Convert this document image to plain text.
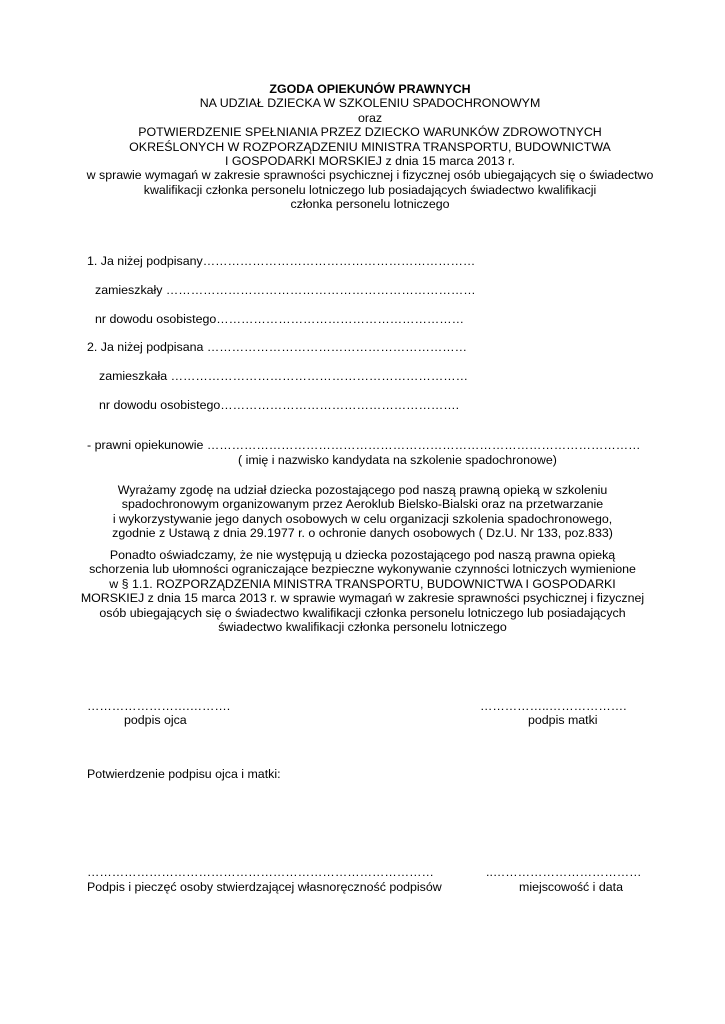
ZGODA OPIEKUNÓW PRAWNYCH
NA UDZIAŁ DZIECKA W SZKOLENIU SPADOCHRONOWYM
oraz
POTWIERDZENIE SPEŁNIANIA PRZEZ DZIECKO WARUNKÓW ZDROWOTNYCH
OKREŚLONYCH W ROZPORZĄDZENIU MINISTRA TRANSPORTU, BUDOWNICTWA
I GOSPODARKI MORSKIEJ z dnia 15 marca 2013 r.
w sprawie wymagań w zakresie sprawności psychicznej i fizycznej osób ubiegających się o świadectwo
kwalifikacji członka personelu lotniczego lub posiadających świadectwo kwalifikacji
członka personelu lotniczego
1. Ja niżej podpisany…………………………………………………………
zamieszkały …………………………………………………………………
nr dowodu osobistego……………………………………………………
2. Ja niżej podpisana ………………………………………………………
zamieszkała ………………………………………………………………
nr dowodu osobistego………………………………………………….
- prawni opiekunowie ……………………………………………………………………………………………
( imię i nazwisko kandydata na szkolenie spadochronowe)
Wyrażamy zgodę na udział dziecka pozostającego pod naszą prawną opieką w szkoleniu
spadochronowym organizowanym przez Aeroklub Bielsko-Bialski oraz na przetwarzanie
i wykorzystywanie jego danych osobowych w celu organizacji szkolenia spadochronowego,
zgodnie z Ustawą z dnia 29.1977 r. o ochronie danych osobowych ( Dz.U. Nr 133, poz.833)
Ponadto oświadczamy, że nie występują u dziecka pozostającego pod naszą prawna opieką
schorzenia lub ułomności ograniczające bezpieczne wykonywanie czynności lotniczych wymienione
w § 1.1. ROZPORZĄDZENIA MINISTRA TRANSPORTU, BUDOWNICTWA I GOSPODARKI
MORSKIEJ z dnia 15 marca 2013 r. w sprawie wymagań w zakresie sprawności psychicznej i fizycznej
osób ubiegających się o świadectwo kwalifikacji członka personelu lotniczego lub posiadających
świadectwo kwalifikacji członka personelu lotniczego
…………………….……….
podpis ojca
……………..……………….
podpis matki
Potwierdzenie podpisu ojca i matki:
…………………………………………………………………………
Podpis i pieczęć osoby stwierdzającej własnoręczność podpisów
..………………………………
miejscowość i data
